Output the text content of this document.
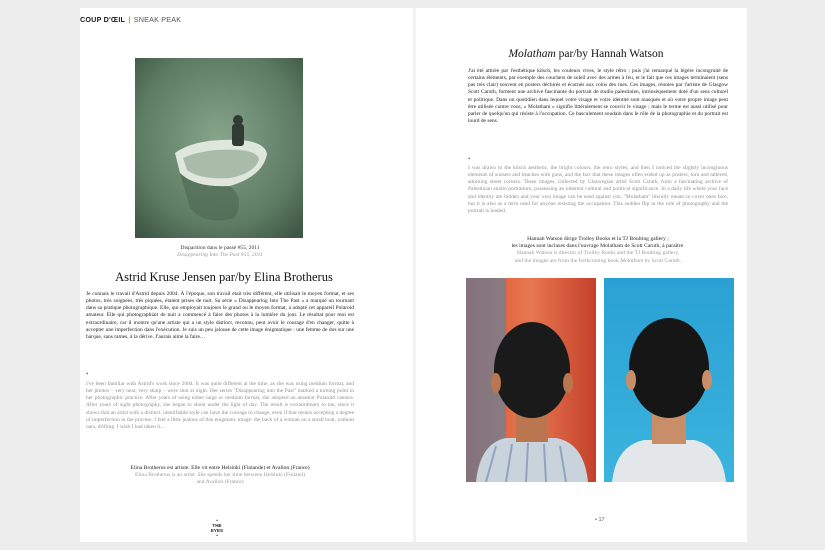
Disparition dans le passé #55, 2011
Disappearing Into The Past #55, 2011
Astrid Kruse Jensen par/by Elina Brotherus
Je connais le travail d'Astrid depuis 2004. À l'époque, son travail était très différent, elle utilisait le moyen format, et ses photos, très soignées, très piquées, étaient prises de nuit. Sa série « Disappearing Into The Past » a marqué un tournant dans sa pratique photographique. Elle, qui employait toujours le grand ou le moyen format, a adopté cet appareil Polaroid amateur. Elle qui photographiait de nuit a commencé à faire des photos à la lumière du jour. Le résultat pour moi est extraordinaire, car il montre qu'une artiste qui a un style distinct, reconnu, peut avoir le courage d'en changer, quitte à accepter une imperfection dans l'exécution. Je suis un peu jalouse de cette image énigmatique : une femme de dos sur une barque, sans rames, à la dérive. J'aurais aimé la faire…
•
I've been familiar with Astrid's work since 2004. It was quite different at the time, as she was using medium format, and her photos – very neat, very sharp – were shot at night. Her series "Disappearing into the Past" marked a turning point in her photographic practice. After years of using either large or medium format, she adopted an amateur Polaroid camera. After years of night photography, she began to shoot under the light of day. The result is extraordinary to me, since it shows that an artist with a distinct, identifiable style can have the courage to change, even if that means accepting a degree of imperfection in the process. I feel a little jealous of this enigmatic image: the back of a woman on a small boat, without oars, drifting. I wish I had taken it…
Elina Brotherus est artiste. Elle vit entre Helsinki (Finlande) et Avallon (France)
Elina Brotherus is an artist. She spends her time between Helsinki (Finland)
and Avallon (France)
•
THE
EYES
•
Molatham par/by Hannah Watson
J'ai été attirée par l'esthétique kitsch, les couleurs vives, le style rétro ; puis j'ai remarqué la légère incongruité de certains éléments, par exemple des couchers de soleil avec des armes à feu, et le fait que ces images terminaient (sens pas très clair) souvent en posters déchirés et écornés aux coins des rues. Ces images, réunies par l'artiste de Glasgow Scott Caruth, forment une archive fascinante du portrait de studio palestinien, intrinsèquement doté d'un sens culturel et politique. Dans un quotidien dans lequel votre visage et votre identité sont masqués et où votre propre image peut être utilisée contre vous, « Molatham » signifie littéralement se couvrir le visage ; mais le terme est aussi utilisé pour parler de quelqu'un qui résiste à l'occupation. Ce basculement soudain dans le rôle de la photographie et du portrait est lourd de sens.
•
I was drawn to the kitsch aesthetic, the bright colours, the retro styles; and then I noticed the slightly incongruous elements of sunsets and beaches with guns, and the fact that these images often ended up as posters, torn and tattered, adorning street corners. These images, collected by Glaswegian artist Scott Caruth, form a fascinating archive of Palestinian studio portraiture, possessing an inherent cultural and political significance. In a daily life where your face and identity are hidden and your own image can be used against you, "Molatham" literally means to cover ones face, but it is also as a term used for anyone resisting the occupation. This sudden flip in the role of photography and the portrait is loaded.
Hannah Watson dirige Trolley Books et la TJ Boulting gallery ;
les images sont incluses dans l'ouvrage Molatham de Scott Caruth, à paraître.
Hannah Watson is director of Trolley Books and the TJ Boulting gallery,
and the images are from the forthcoming book Molatham by Scott Caruth.
• 17
COUP D'ŒIL | SNEAK PEAK
